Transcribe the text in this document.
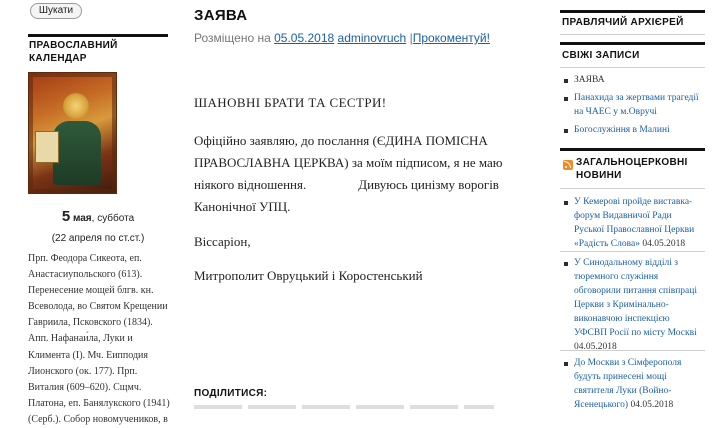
Шукати
ПРАВОСЛАВНИЙ КАЛЕНДАР
5 мая, суббота
(22 апреля по ст.ст.)
Прп. Феодора Сикеота, еп. Анастасиупольского (613). Перенесение мощей блгв. кн. Всеволода, во Святом Крещении Гавриила, Псковского (1834). Апп. Нафанаи́ла, Луки и Климента (I). Мч. Еипподия Лионского (ок. 177). Прп. Виталия (609–620). Сщмч. Платона, еп. Банялукского (1941) (Серб.). Собор новомучеников, в
ЗАЯВА
Розміщено на 05.05.2018 adminovruch |Прокоментуй!

ШАНОВНІ БРАТИ ТА СЕСТРИ!

Офіційно заявляю, до послання (ЄДИНА ПОМІСНА ПРАВОСЛАВНА ЦЕРКВА) за моїм підписом, я не маю ніякого відношення.	Дивуюсь цинізму ворогів Канонічної УПЦ.

Віссаріон,

Митрополит Овруцький і Коростенський

ПОДІЛИТИСЯ:
ПРАВЛЯЧИЙ АРХІЄРЕЙ
СВІЖІ ЗАПИСИ
ЗАЯВА
Панахида за жертвами трагедії на ЧАЕС у м.Овручі
Богослужіння в Малині
ЗАГАЛЬНОЦЕРКОВНІ НОВИНИ
У Кемерові пройде виставка-форум Видавничої Ради Руської Православної Церкви «Радість Слова» 04.05.2018
У Синодальному відділі з тюремного служіння обговорили питання співпраці Церкви з Кримінально-виконавчою інспекцією УФСВП Росії по місту Москві 04.05.2018
До Москви з Сімферополя будуть принесені мощі святителя Луки (Войно-Ясенецького) 04.05.2018
